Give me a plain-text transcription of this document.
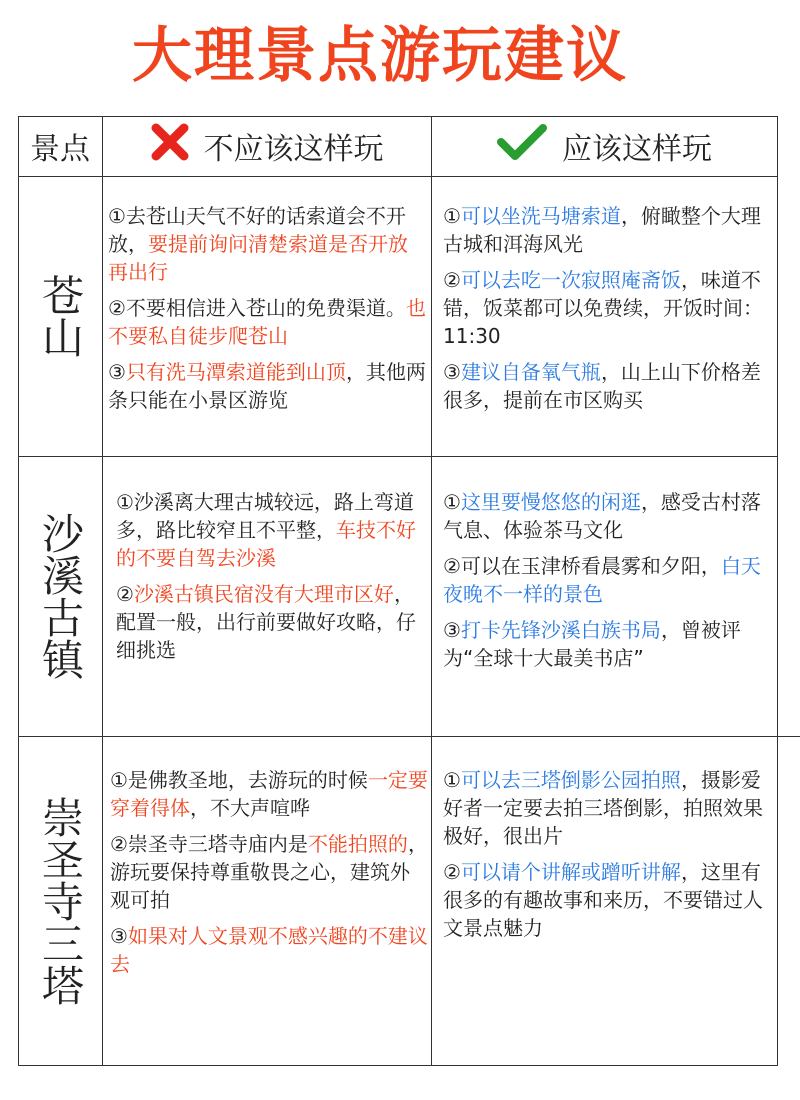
大理景点游玩建议
景点	不应该这样玩	应该这样玩
苍山
①去苍山天气不好的话索道会不开放，要提前询问清楚索道是否开放再出行
②不要相信进入苍山的免费渠道。也不要私自徒步爬苍山
③只有洗马潭索道能到山顶，其他两条只能在小景区游览
①可以坐洗马塘索道，俯瞰整个大理古城和洱海风光
②可以去吃一次寂照庵斋饭，味道不错，饭菜都可以免费续，开饭时间：11:30
③建议自备氧气瓶，山上山下价格差很多，提前在市区购买
沙溪古镇
①沙溪离大理古城较远，路上弯道多，路比较窄且不平整，车技不好的不要自驾去沙溪
②沙溪古镇民宿没有大理市区好，配置一般，出行前要做好攻略，仔细挑选
①这里要慢悠悠的闲逛，感受古村落气息、体验茶马文化
②可以在玉津桥看晨雾和夕阳，白天夜晚不一样的景色
③打卡先锋沙溪白族书局，曾被评为“全球十大最美书店”
崇圣寺三塔
①是佛教圣地，去游玩的时候一定要穿着得体，不大声喧哗
②崇圣寺三塔寺庙内是不能拍照的，游玩要保持尊重敬畏之心，建筑外观可拍
③如果对人文景观不感兴趣的不建议去
①可以去三塔倒影公园拍照，摄影爱好者一定要去拍三塔倒影，拍照效果极好，很出片
②可以请个讲解或蹭听讲解，这里有很多的有趣故事和来历，不要错过人文景点魅力
